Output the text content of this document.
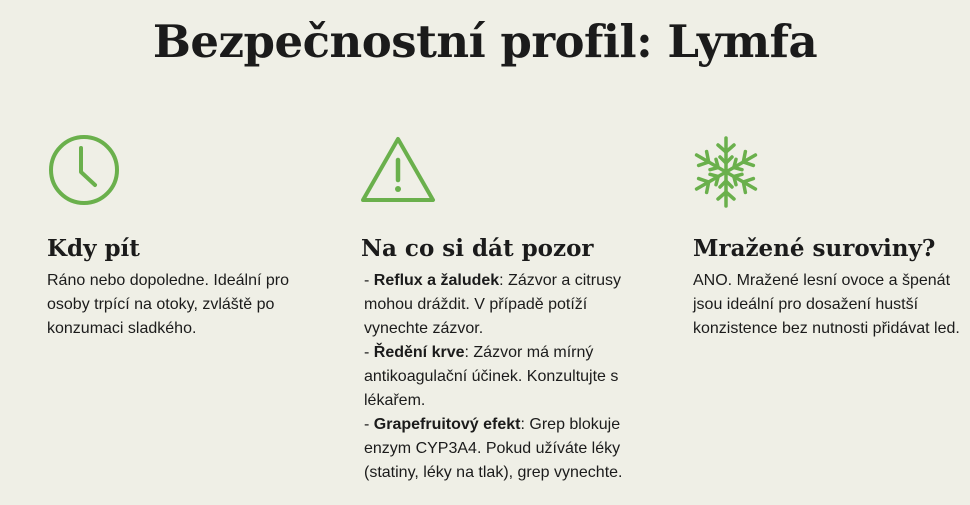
Bezpečnostní profil: Lymfa
Kdy pít
Ráno nebo dopoledne. Ideální pro osoby trpící na otoky, zvláště po konzumaci sladkého.
Na co si dát pozor

- Reflux a žaludek: Zázvor a citrusy mohou dráždit. V případě potíží vynechte zázvor.

- Ředění krve: Zázvor má mírný antikoagulační účinek. Konzultujte s lékařem.

- Grapefruitový efekt: Grep blokuje enzym CYP3A4. Pokud užíváte léky (statiny, léky na tlak), grep vynechte.

Mražené suroviny?
ANO. Mražené lesní ovoce a špenát jsou ideální pro dosažení hustší konzistence bez nutnosti přidávat led.
